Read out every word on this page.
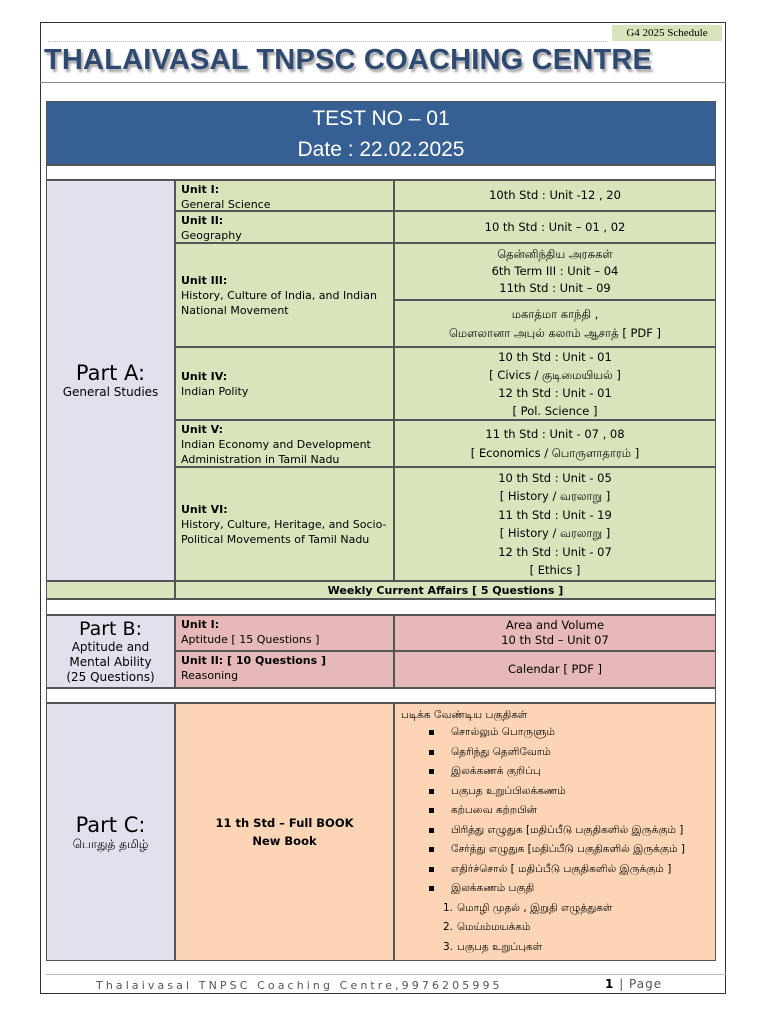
G4 2025 Schedule
THALAIVASAL TNPSC COACHING CENTRE
TEST NO – 01
Date : 22.02.2025
Part A:
General Studies
Unit I:
General Science
10th Std : Unit -12 , 20
Unit II:
Geography
10 th Std : Unit – 01 , 02
Unit III:
History, Culture of India, and Indian National Movement
தென்னிந்திய அரசுகள்
6th Term III : Unit – 04
11th Std : Unit – 09
மகாத்மா காந்தி ,
மௌலானா அபுல் கலாம் ஆசாத் [ PDF ]
Unit IV:
Indian Polity
10 th Std : Unit - 01
[ Civics / குடிமையியல் ]
12 th Std : Unit - 01
[ Pol. Science ]
Unit V:
Indian Economy and Development Administration in Tamil Nadu
11 th Std : Unit - 07 , 08
[ Economics / பொருளாதாரம் ]
Unit VI:
History, Culture, Heritage, and Socio-Political Movements of Tamil Nadu
10 th Std : Unit - 05
[ History / வரலாறு ]
11 th Std : Unit - 19
[ History / வரலாறு ]
12 th Std : Unit - 07
[ Ethics ]
Weekly Current Affairs [ 5 Questions ]
Part B:
Aptitude and Mental Ability (25 Questions)
Unit I:
Aptitude [ 15 Questions ]
Area and Volume
10 th Std – Unit 07
Unit II: [ 10 Questions ]
Reasoning	Calendar [ PDF ]
Part C:
பொதுத் தமிழ்
11 th Std – Full BOOK
New Book
படிக்க வேண்டிய பகுதிகள்
சொல்லும் பொருளும்
தெரிந்து தெளிவோம்
இலக்கணக் குறிப்பு
பகுபத உறுப்பிலக்கணம்
கற்பவை கற்றபின்
பிரித்து எழுதுக [மதிப்பீடு பகுதிகளில் இருக்கும் ]
சேர்த்து எழுதுக [மதிப்பீடு பகுதிகளில் இருக்கும் ]
எதிர்ச்சொல் [ மதிப்பீடு பகுதிகளில் இருக்கும் ]
இலக்கணம் பகுதி
1. மொழி முதல் , இறுதி எழுத்துகள்
2. மெய்ம்மயக்கம்
3. பகுபத உறுப்புகள்
Thalaivasal TNPSC Coaching Centre,9976205995	1 | Page
